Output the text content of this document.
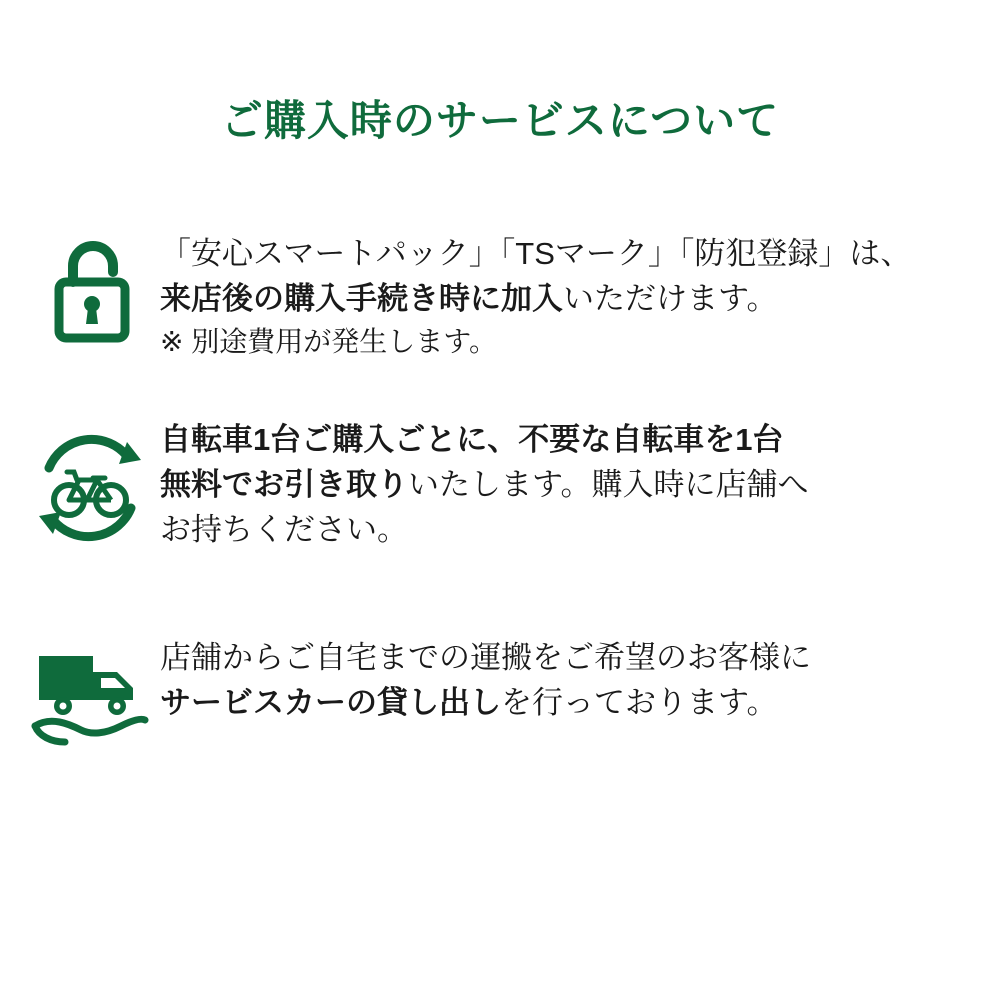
ご購入時のサービスについて
「安心スマートパック」「TSマーク」「防犯登録」は、
来店後の購入手続き時に加入いただけます。
※ 別途費用が発生します。
自転車1台ご購入ごとに、不要な自転車を1台
無料でお引き取りいたします。購入時に店舗へ
お持ちください。
店舗からご自宅までの運搬をご希望のお客様に
サービスカーの貸し出しを行っております。
